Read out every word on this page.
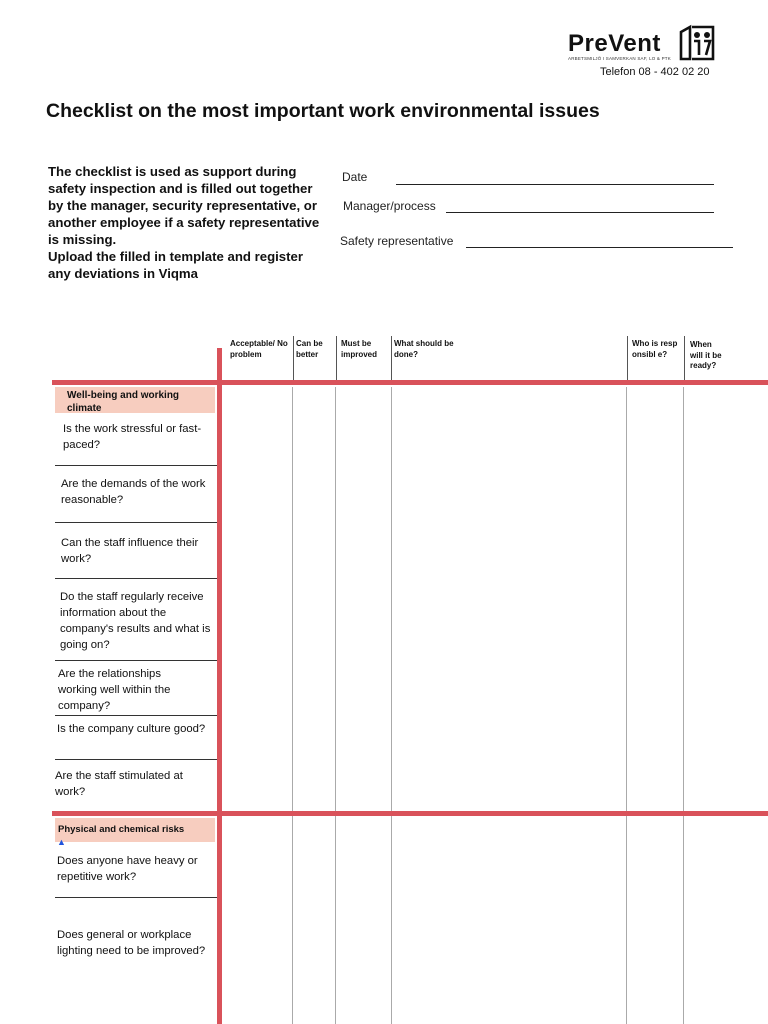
PreVent
ARBETSMILJÖ I SAMVERKAN SAF, LO & PTK
Telefon 08 - 402 02 20
Checklist on the most important work environmental issues

The checklist is used as support during safety inspection and is filled out together by the manager, security representative, or another employee if a safety representative is missing.

Upload the filled in template and register any deviations in Viqma

Date
Manager/process
Safety representative
Acceptable/ No problem
Can be better
Must be improved
What should be done?
Who is responsibl e?
When will it be ready?
Well-being and working climate
Is the work stressful or fast-paced?
Are the demands of the work reasonable?
Can the staff influence their work?
Do the staff regularly receive information about the company's results and what is going on?
Are the relationships working well within the company?
Is the company culture good?
Are the staff stimulated at work?
Physical and chemical risks
▲
Does anyone have heavy or repetitive work?
Does general or workplace lighting need to be improved?
